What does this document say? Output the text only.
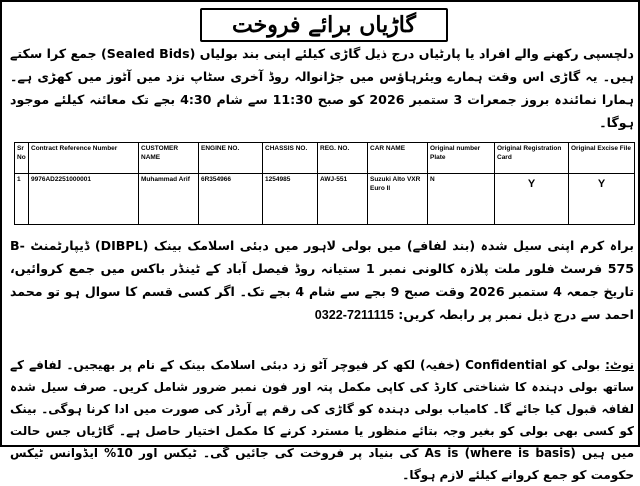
گاڑیاں برائے فروخت
دلچسپی رکھنے والے افراد یا پارٹیاں درج ذیل گاڑی کیلئے اپنی بند بولیاں (Sealed Bids) جمع کرا سکتے ہیں۔ یہ گاڑی اس وقت ہمارے ویئرہاؤس میں جڑانوالہ روڈ آخری سٹاپ نزد میں آٹوز میں کھڑی ہے۔ ہمارا نمائندہ بروز جمعرات 3 ستمبر 2026 کو صبح 11:30 سے شام 4:30 بجے تک معائنہ کیلئے موجود ہوگا۔
Sr No	Contract Reference Number	CUSTOMER NAME	ENGINE NO.	CHASSIS NO.	REG. NO.	CAR NAME	Original number Plate	Original Registration Card	Original Excise File
1	9976AD2251000001	Muhammad Arif	6R354966	1254985	AWJ-551	Suzuki Alto VXR Euro II	N	Y	Y
براہ کرم اپنی سیل شدہ (بند لفافے) میں بولی لاہور میں دبئی اسلامک بینک (DIBPL) ڈیپارٹمنٹ B-575 فرسٹ فلور ملت پلازہ کالونی نمبر 1 ستیانہ روڈ فیصل آباد کے ٹینڈر باکس میں جمع کروائیں، تاریخ جمعہ 4 ستمبر 2026 وقت صبح 9 بجے سے شام 4 بجے تک۔ اگر کسی قسم کا سوال ہو تو محمد احمد سے درج ذیل نمبر پر رابطہ کریں: 0322-7211115
نوٹ: بولی کو Confidential (خفیہ) لکھ کر فیوچر آٹو زد دبئی اسلامک بینک کے نام پر بھیجیں۔ لفافے کے ساتھ بولی دہندہ کا شناختی کارڈ کی کاپی مکمل پتہ اور فون نمبر ضرور شامل کریں۔ صرف سیل شدہ لفافہ قبول کیا جائے گا۔ کامیاب بولی دہندہ کو گاڑی کی رقم پے آرڈر کی صورت میں ادا کرنا ہوگی۔ بینک کو کسی بھی بولی کو بغیر وجہ بتائے منظور یا مسترد کرنے کا مکمل اختیار حاصل ہے۔ گاڑیاں جس حالت میں ہیں As is (where is basis) کی بنیاد پر فروخت کی جائیں گی۔ ٹیکس اور 10% ایڈوانس ٹیکس حکومت کو جمع کروانے کیلئے لازم ہوگا۔
